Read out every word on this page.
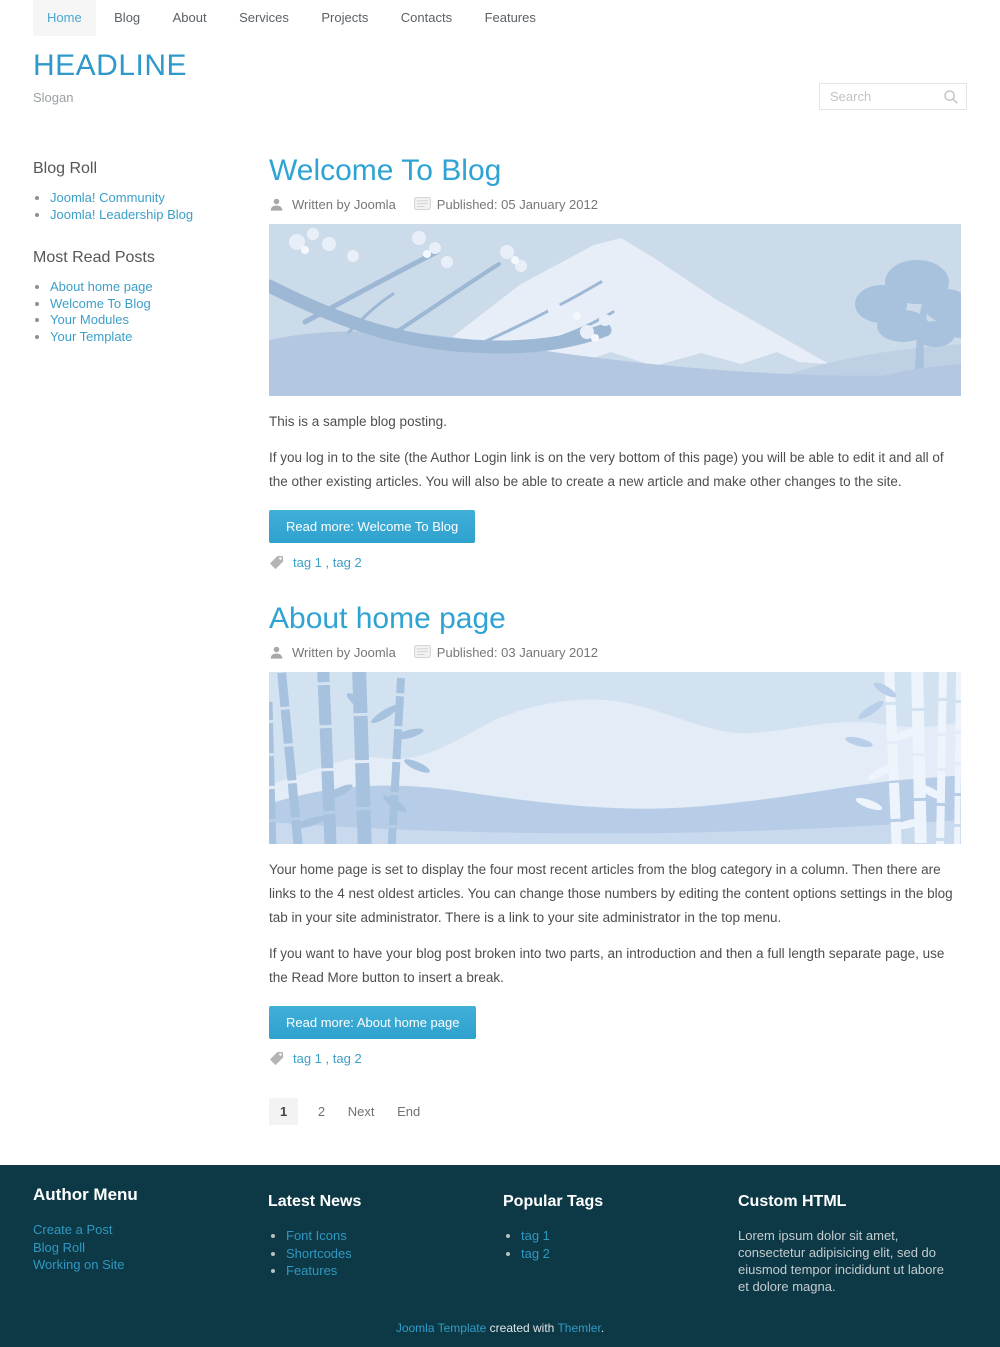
Home Blog About Services Projects Contacts Features
HEADLINE
Slogan
Search
Blog Roll
• Joomla! Community
• Joomla! Leadership Blog
Most Read Posts
• About home page
• Welcome To Blog
• Your Modules
• Your Template
Welcome To Blog
Written by Joomla	Published: 05 January 2012

This is a sample blog posting.

If you log in to the site (the Author Login link is on the very bottom of this page) you will be able to edit it and all of the other existing articles. You will also be able to create a new article and make other changes to the site.

Read more: Welcome To Blog
tag 1 , tag 2
About home page
Written by Joomla	Published: 03 January 2012

Your home page is set to display the four most recent articles from the blog category in a column. Then there are links to the 4 nest oldest articles. You can change those numbers by editing the content options settings in the blog tab in your site administrator. There is a link to your site administrator in the top menu.

If you want to have your blog post broken into two parts, an introduction and then a full length separate page, use the Read More button to insert a break.

Read more: About home page
tag 1 , tag 2
1 2 Next End
Author Menu
Create a Post
Blog Roll
Working on Site
Latest News
• Font Icons
• Shortcodes
• Features
Popular Tags
• tag 1
• tag 2
Custom HTML
Lorem ipsum dolor sit amet, consectetur adipisicing elit, sed do eiusmod tempor incididunt ut labore et dolore magna.
Joomla Template created with Themler.
